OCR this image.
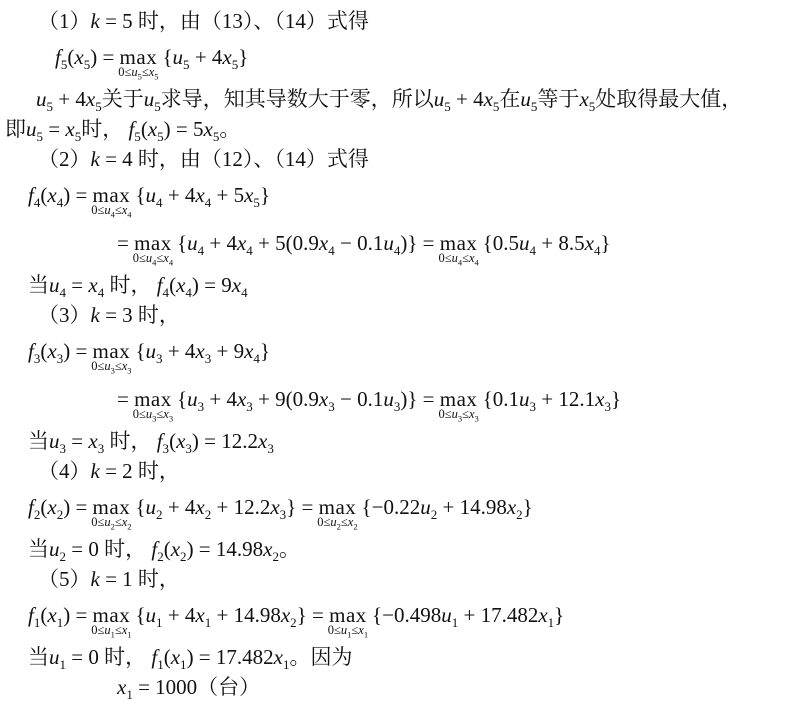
（1）k = 5 时，由（13）、（14）式得
$f_5(x_5) = \max$
$0\le u_5\le x_5$
$\{u_5 + 4x_5\}$
$u_5 + 4x_5$关于$u_5$求导，知其导数大于零，所以$u_5 + 4x_5$在$u_5$等于$x_5$处取得最大值，
即$u_5 = x_5$时， $f_5(x_5) = 5x_5$。
（2）k = 4 时，由（12）、（14）式得
$f_4(x_4) = \max$
$0\le u_4\le x_4$
$\{u_4 + 4x_4 + 5x_5\}$
= max
$0\le u_4\le x_4$
$\{u_4 + 4x_4 + 5(0.9x_4 - 0.1u_4)\} = \max$
$0\le u_4\le x_4$
$\{0.5u_4 + 8.5x_4\}$
当$u_4 = x_4$ 时， $f_4(x_4) = 9x_4$
（3）k = 3 时，
$f_3(x_3) = \max$
$0\le u_3\le x_3$
$\{u_3 + 4x_3 + 9x_4\}$
= max
$0\le u_3\le x_3$
$\{u_3 + 4x_3 + 9(0.9x_3 - 0.1u_3)\} = \max$
$0\le u_3\le x_3$
$\{0.1u_3 + 12.1x_3\}$
当$u_3 = x_3$ 时， $f_3(x_3) = 12.2x_3$
（4）k = 2 时，
$f_2(x_2) = \max$
$0\le u_2\le x_2$
$\{u_2 + 4x_2 + 12.2x_3\} = \max$
$0\le u_2\le x_2$
$\{-0.22u_2 + 14.98x_2\}$
当$u_2 = 0$ 时， $f_2(x_2) = 14.98x_2$。
（5）k = 1 时，
$f_1(x_1) = \max$
$0\le u_1\le x_1$
$\{u_1 + 4x_1 + 14.98x_2\} = \max$
$0\le u_1\le x_1$
$\{-0.498u_1 + 17.482x_1\}$
当$u_1 = 0$ 时， $f_1(x_1) = 17.482x_1$。因为
$x_1 = 1000$（台）
